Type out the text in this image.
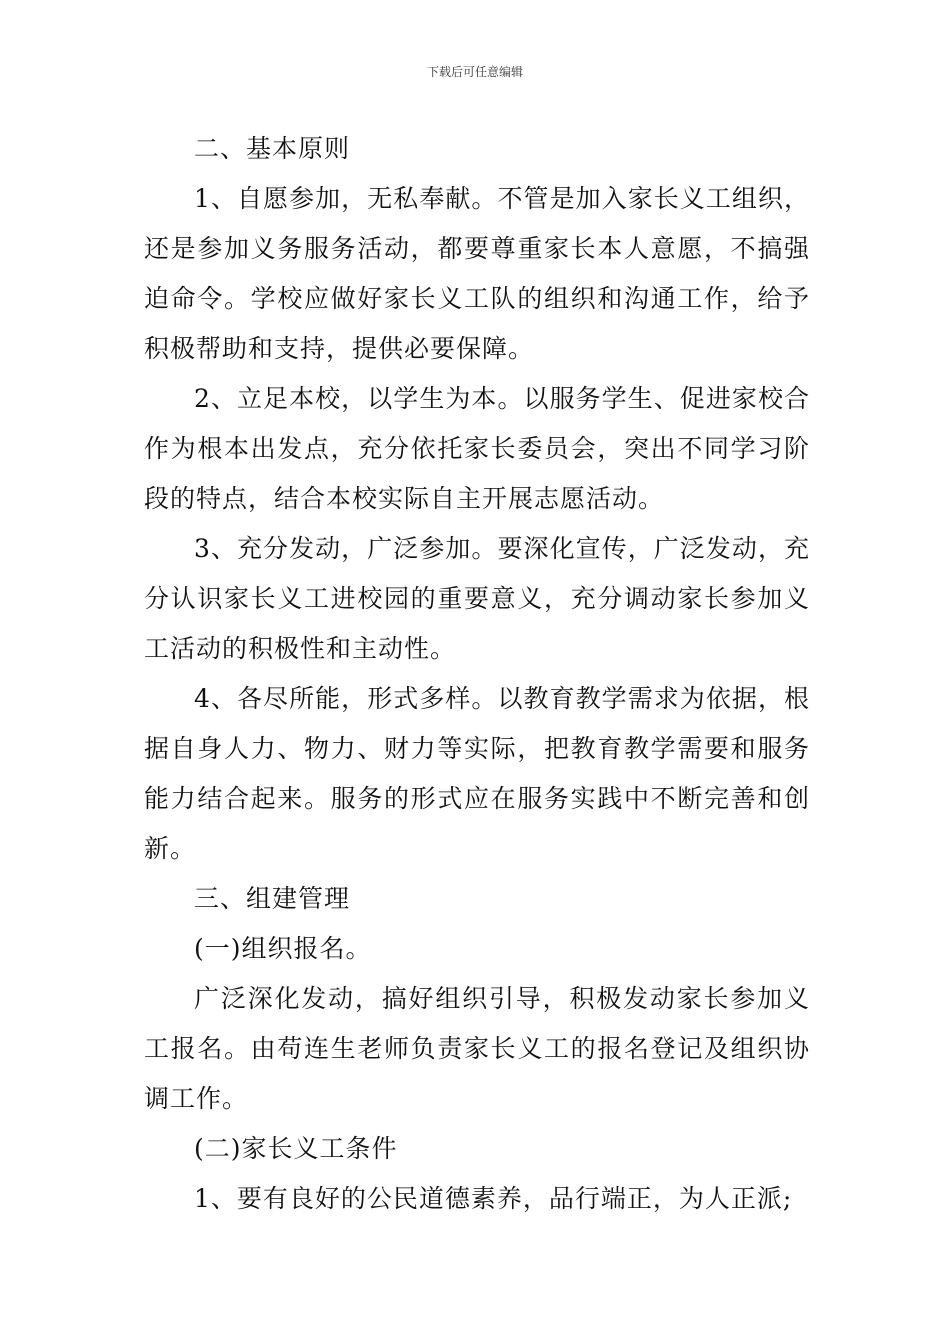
下载后可任意编辑

二、基本原则

1、自愿参加，无私奉献。不管是加入家长义工组织，还是参加义务服务活动，都要尊重家长本人意愿，不搞强迫命令。学校应做好家长义工队的组织和沟通工作，给予积极帮助和支持，提供必要保障。

2、立足本校，以学生为本。以服务学生、促进家校合作为根本出发点，充分依托家长委员会，突出不同学习阶段的特点，结合本校实际自主开展志愿活动。

3、充分发动，广泛参加。要深化宣传，广泛发动，充分认识家长义工进校园的重要意义，充分调动家长参加义工活动的积极性和主动性。

4、各尽所能，形式多样。以教育教学需求为依据，根据自身人力、物力、财力等实际，把教育教学需要和服务能力结合起来。服务的形式应在服务实践中不断完善和创新。

三、组建管理

(一)组织报名。

广泛深化发动，搞好组织引导，积极发动家长参加义工报名。由苟连生老师负责家长义工的报名登记及组织协调工作。

(二)家长义工条件

1、要有良好的公民道德素养，品行端正，为人正派;
